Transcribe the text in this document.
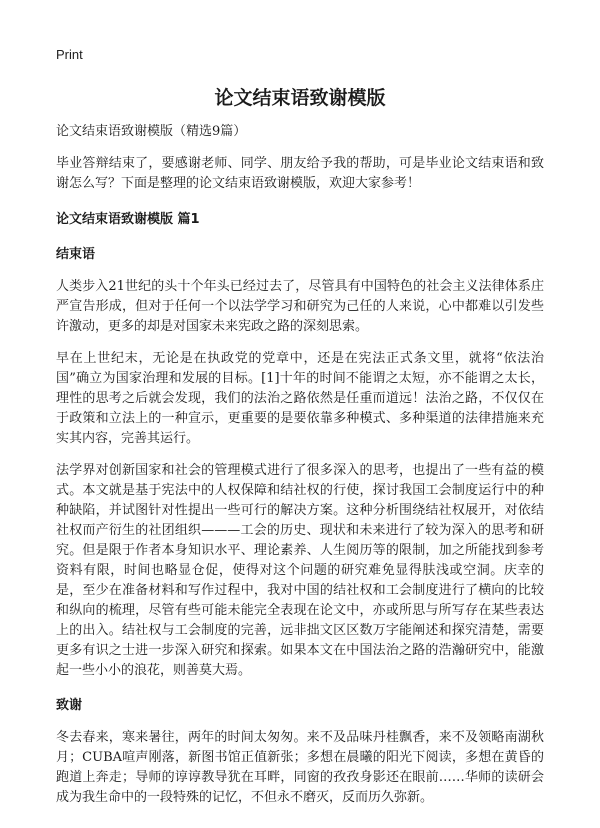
Print
论文结束语致谢模版
论文结束语致谢模版（精选9篇）

毕业答辩结束了，要感谢老师、同学、朋友给予我的帮助，可是毕业论文结束语和致谢怎么写？下面是整理的论文结束语致谢模版，欢迎大家参考！

论文结束语致谢模版 篇1
结束语

人类步入21世纪的头十个年头已经过去了，尽管具有中国特色的社会主义法律体系庄严宣告形成，但对于任何一个以法学学习和研究为己任的人来说，心中都难以引发些许激动，更多的却是对国家未来宪政之路的深刻思索。

早在上世纪末，无论是在执政党的党章中，还是在宪法正式条文里，就将“依法治国”确立为国家治理和发展的目标。[1]十年的时间不能谓之太短，亦不能谓之太长，理性的思考之后就会发现，我们的法治之路依然是任重而道远！法治之路，不仅仅在于政策和立法上的一种宣示，更重要的是要依靠多种模式、多种渠道的法律措施来充实其内容，完善其运行。

法学界对创新国家和社会的管理模式进行了很多深入的思考，也提出了一些有益的模式。本文就是基于宪法中的人权保障和结社权的行使，探讨我国工会制度运行中的种种缺陷，并试图针对性提出一些可行的解决方案。这种分析围绕结社权展开，对依结社权而产衍生的社团组织———工会的历史、现状和未来进行了较为深入的思考和研究。但是限于作者本身知识水平、理论素养、人生阅历等的限制，加之所能找到参考资料有限，时间也略显仓促，使得对这个问题的研究难免显得肤浅或空洞。庆幸的是，至少在准备材料和写作过程中，我对中国的结社权和工会制度进行了横向的比较和纵向的梳理，尽管有些可能未能完全表现在论文中，亦或所思与所写存在某些表达上的出入。结社权与工会制度的完善，远非拙文区区数万字能阐述和探究清楚，需要更多有识之士进一步深入研究和探索。如果本文在中国法治之路的浩瀚研究中，能激起一些小小的浪花，则善莫大焉。

致谢

冬去春来，寒来暑往，两年的时间太匆匆。来不及品味丹桂飘香，来不及领略南湖秋月；CUBA喧声刚落，新图书馆正值新张；多想在晨曦的阳光下阅读，多想在黄昏的跑道上奔走；导师的谆谆教导犹在耳畔，同窗的孜孜身影还在眼前……华师的读研会成为我生命中的一段特殊的记忆，不但永不磨灭，反而历久弥新。
